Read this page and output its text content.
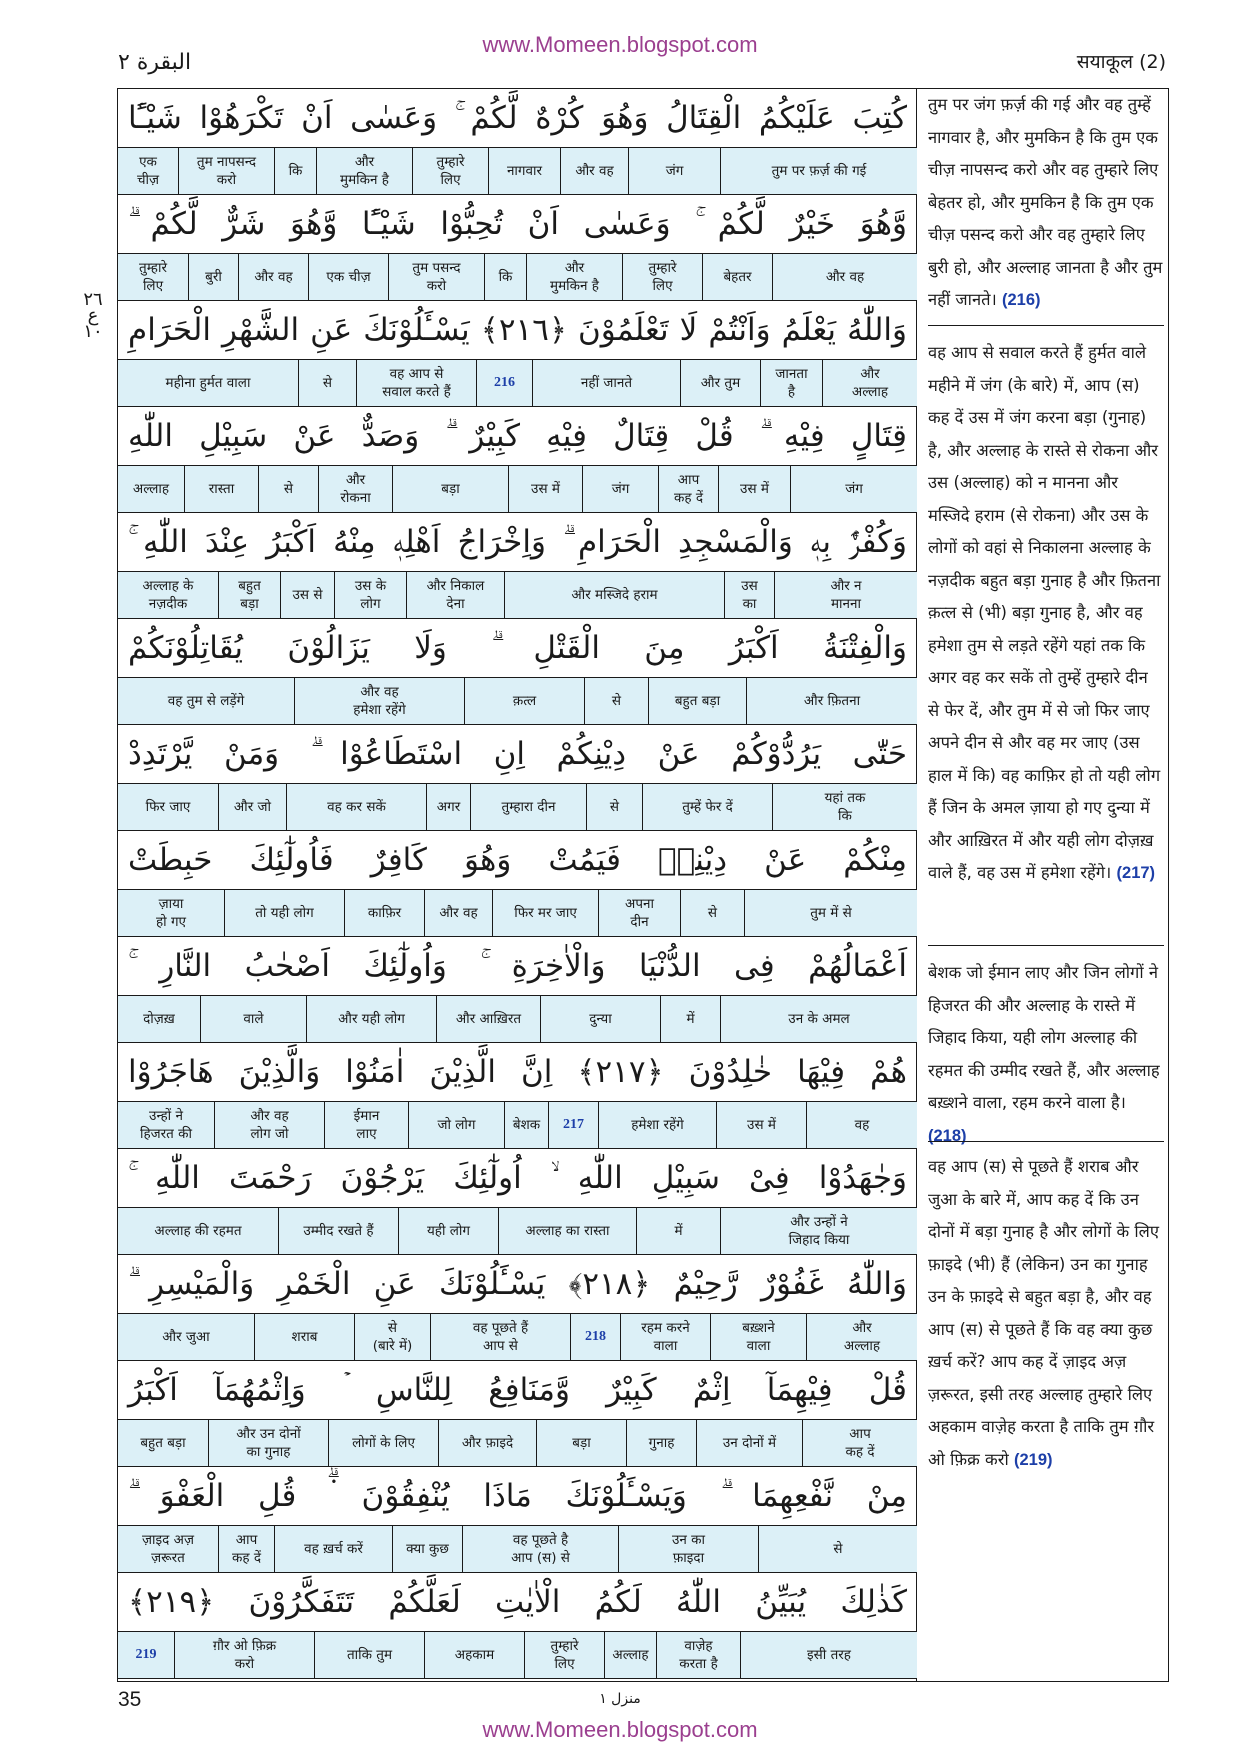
www.Momeen.blogspot.com
البقرة ٢	सयाकूल (2)
٢٦ ع ١٠
كُتِبَ عَلَيْكُمُ الْقِتَالُ وَهُوَ كُرْهٌ لَّكُمْ ۚ وَعَسٰى اَنْ تَكْرَهُوْا شَيْـًٔا
तुम पर फ़र्ज़ की गई
जंग
और वह
नागवार
तुम्हारे
लिए
और
मुमकिन है
कि
तुम नापसन्द
करो
एक
चीज़
وَّهُوَ خَيْرٌ لَّكُمْ ۚ وَعَسٰى اَنْ تُحِبُّوْا شَيْـًٔا وَّهُوَ شَرٌّ لَّكُمْ ۗ
और वह
बेहतर
तुम्हारे
लिए
और
मुमकिन है
कि
तुम पसन्द
करो
एक चीज़
और वह
बुरी
तुम्हारे
लिए
وَاللّٰهُ يَعْلَمُ وَاَنْتُمْ لَا تَعْلَمُوْنَ ﴿٢١٦﴾ يَسْـَٔلُوْنَكَ عَنِ الشَّهْرِ الْحَرَامِ
और
अल्लाह
जानता
है
और तुम
नहीं जानते
216
वह आप से
सवाल करते हैं
से
महीना हुर्मत वाला
قِتَالٍ فِيْهِ ۗ قُلْ قِتَالٌ فِيْهِ كَبِيْرٌ ۗ وَصَدٌّ عَنْ سَبِيْلِ اللّٰهِ
जंग
उस में
आप
कह दें
जंग
उस में
बड़ा
और
रोकना
से
रास्ता
अल्लाह
وَكُفْرٌۢ بِهٖ وَالْمَسْجِدِ الْحَرَامِ ۗ وَاِخْرَاجُ اَهْلِهٖ مِنْهُ اَكْبَرُ عِنْدَ اللّٰهِ ۚ
और न
मानना
उस
का
और मस्जिदे हराम
और निकाल
देना
उस के
लोग
उस से
बहुत
बड़ा
अल्लाह के
नज़दीक
وَالْفِتْنَةُ اَكْبَرُ مِنَ الْقَتْلِ ۗ وَلَا يَزَالُوْنَ يُقَاتِلُوْنَكُمْ
और फ़ितना
बहुत बड़ा
से
क़त्ल
और वह
हमेशा रहेंगे
वह तुम से लड़ेंगे
حَتّٰى يَرُدُّوْكُمْ عَنْ دِيْنِكُمْ اِنِ اسْتَطَاعُوْا ۗ وَمَنْ يَّرْتَدِدْ
यहां तक
कि
तुम्हें फेर दें
से
तुम्हारा दीन
अगर
वह कर सकें
और जो
फिर जाए
مِنْكُمْ عَنْ دِيْنِهٖ فَيَمُتْ وَهُوَ كَافِرٌ فَاُولٰٓئِكَ حَبِطَتْ
तुम में से
से
अपना
दीन
फिर मर जाए
और वह
काफ़िर
तो यही लोग
ज़ाया
हो गए
اَعْمَالُهُمْ فِى الدُّنْيَا وَالْاٰخِرَةِ ۚ وَاُولٰٓئِكَ اَصْحٰبُ النَّارِ ۚ
उन के अमल
में
दुन्या
और आख़िरत
और यही लोग
वाले
दोज़ख़
هُمْ فِيْهَا خٰلِدُوْنَ ﴿٢١٧﴾ اِنَّ الَّذِيْنَ اٰمَنُوْا وَالَّذِيْنَ هَاجَرُوْا
वह
उस में
हमेशा रहेंगे
217
बेशक
जो लोग
ईमान
लाए
और वह
लोग जो
उन्हों ने
हिजरत की
وَجٰهَدُوْا فِىْ سَبِيْلِ اللّٰهِ ۙ اُولٰٓئِكَ يَرْجُوْنَ رَحْمَتَ اللّٰهِ ۚ
और उन्हों ने
जिहाद किया
में
अल्लाह का रास्ता
यही लोग
उम्मीद रखते हैं
अल्लाह की रहमत
وَاللّٰهُ غَفُوْرٌ رَّحِيْمٌ ﴿٢١٨﴾ يَسْـَٔلُوْنَكَ عَنِ الْخَمْرِ وَالْمَيْسِرِ ۗ
और
अल्लाह
बख़्शने
वाला
रहम करने
वाला
218
वह पूछते हैं
आप से
से
(बारे में)
शराब
और जुआ
قُلْ فِيْهِمَآ اِثْمٌ كَبِيْرٌ وَّمَنَافِعُ لِلنَّاسِ ۡ وَاِثْمُهُمَآ اَكْبَرُ
आप
कह दें
उन दोनों में
गुनाह
बड़ा
और फ़ाइदे
लोगों के लिए
और उन दोनों
का गुनाह
बहुत बड़ा
مِنْ نَّفْعِهِمَا ۗ وَيَسْـَٔلُوْنَكَ مَاذَا يُنْفِقُوْنَ ۬ۗ قُلِ الْعَفْوَ ۗ
से
उन का
फ़ाइदा
वह पूछते है
आप (स) से
क्या कुछ
वह ख़र्च करें
आप
कह दें
ज़ाइद अज़
ज़रूरत
كَذٰلِكَ يُبَيِّنُ اللّٰهُ لَكُمُ الْاٰيٰتِ لَعَلَّكُمْ تَتَفَكَّرُوْنَ ﴿٢١٩﴾
इसी तरह
वाज़ेह
करता है
अल्लाह
तुम्हारे
लिए
अहकाम
ताकि तुम
ग़ौर ओ फ़िक्र
करो
219
तुम पर जंग फ़र्ज़ की गई और वह तुम्हें नागवार है, और मुमकिन है कि तुम एक चीज़ नापसन्द करो और वह तुम्हारे लिए बेहतर हो, और मुमकिन है कि तुम एक चीज़ पसन्द करो और वह तुम्हारे लिए बुरी हो, और अल्लाह जानता है और तुम नहीं जानते। (216)
वह आप से सवाल करते हैं हुर्मत वाले महीने में जंग (के बारे) में, आप (स) कह दें उस में जंग करना बड़ा (गुनाह) है, और अल्लाह के रास्ते से रोकना और उस (अल्लाह) को न मानना और मस्जिदे हराम (से रोकना) और उस के लोगों को वहां से निकालना अल्लाह के नज़दीक बहुत बड़ा गुनाह है और फ़ितना क़त्ल से (भी) बड़ा गुनाह है, और वह हमेशा तुम से लड़ते रहेंगे यहां तक कि अगर वह कर सकें तो तुम्हें तुम्हारे दीन से फेर दें, और तुम में से जो फिर जाए अपने दीन से और वह मर जाए (उस हाल में कि) वह काफ़िर हो तो यही लोग हैं जिन के अमल ज़ाया हो गए दुन्या में और आख़िरत में और यही लोग दोज़ख़ वाले हैं, वह उस में हमेशा रहेंगे। (217)
बेशक जो ईमान लाए और जिन लोगों ने हिजरत की और अल्लाह के रास्ते में जिहाद किया, यही लोग अल्लाह की रहमत की उम्मीद रखते हैं, और अल्लाह बख़्शने वाला, रहम करने वाला है। (218)
वह आप (स) से पूछते हैं शराब और जुआ के बारे में, आप कह दें कि उन दोनों में बड़ा गुनाह है और लोगों के लिए फ़ाइदे (भी) हैं (लेकिन) उन का गुनाह उन के फ़ाइदे से बहुत बड़ा है, और वह आप (स) से पूछते हैं कि वह क्या कुछ ख़र्च करें? आप कह दें ज़ाइद अज़ ज़रूरत, इसी तरह अल्लाह तुम्हारे लिए अहकाम वाज़ेह करता है ताकि तुम ग़ौर ओ फ़िक्र करो (219)
35	منزل ١
www.Momeen.blogspot.com
